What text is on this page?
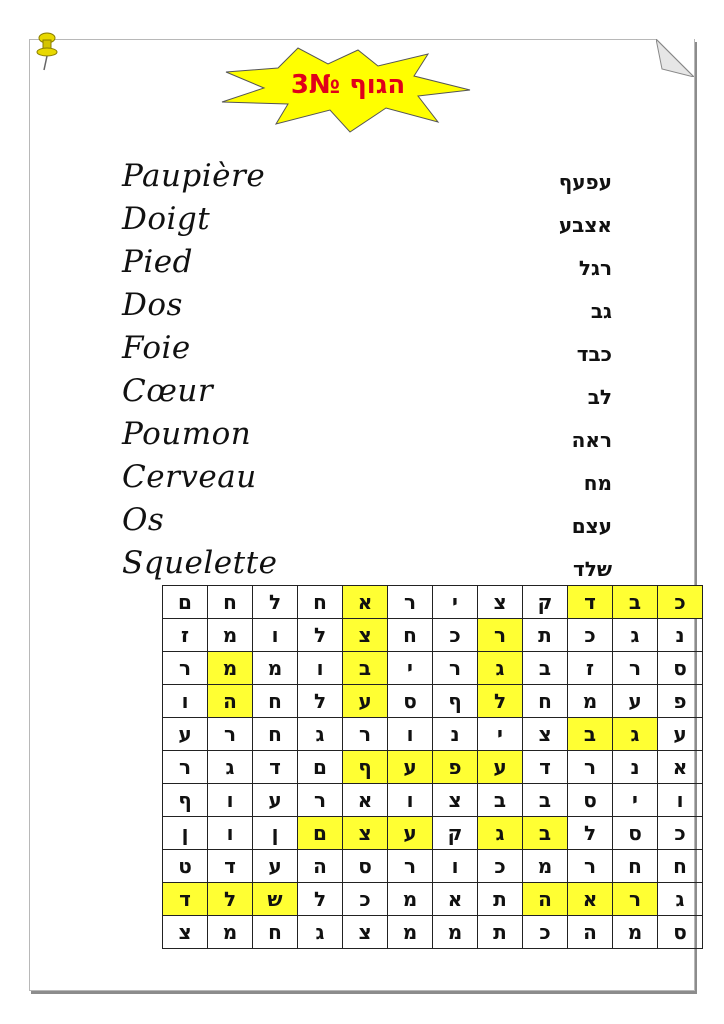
הגוף №3
Paupière	עפעף
Doigt	אצבע
Pied	רגל
Dos	גב
Foie	כבד
Cœur	לב
Poumon	ראה
Cerveau	מח
Os	עצם
Squelette	שלד
ם	ח	ל	ח	א	ר	י	צ	ק	ד	ב	כ
ז	מ	ו	ל	צ	ח	כ	ר	ת	כ	ג	נ
ר	מ	מ	ו	ב	י	ר	ג	ב	ז	ר	ס
ו	ה	ח	ל	ע	ס	ף	ל	ח	מ	ע	פ
ע	ר	ח	ג	ר	ו	נ	י	צ	ב	ג	ע
ר	ג	ד	ם	ף	ע	פ	ע	ד	ר	נ	א
ף	ו	ע	ר	א	ו	צ	ב	ב	ס	י	ו
ן	ו	ן	ם	צ	ע	ק	ג	ב	ל	ס	כ
ט	ד	ע	ה	ס	ר	ו	כ	מ	ר	ח	ח
ד	ל	ש	ל	כ	מ	א	ת	ה	א	ר	ג
צ	מ	ח	ג	צ	מ	מ	ת	כ	ה	מ	ס
